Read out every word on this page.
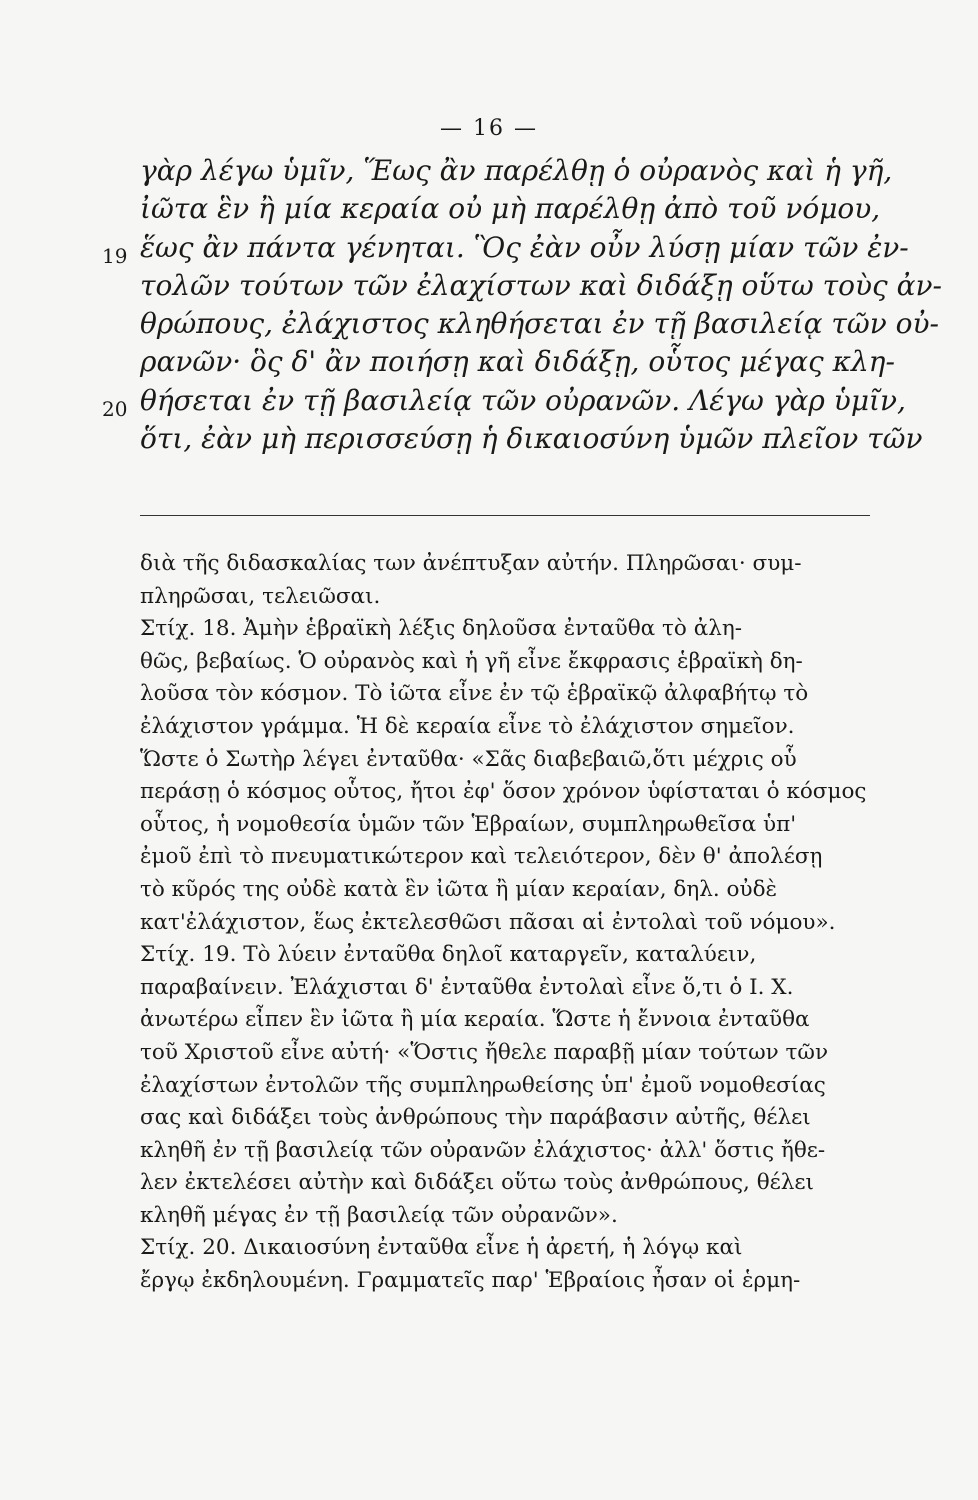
— 16 —
γὰρ λέγω ὑμῖν, Ἕως ἂν παρέλθῃ ὁ οὐρανὸς καὶ ἡ γῆ,
ἰῶτα ἓν ἢ μία κεραία οὐ μὴ παρέλθῃ ἀπὸ τοῦ νόμου,
19 ἕως ἂν πάντα γένηται. Ὃς ἐὰν οὖν λύσῃ μίαν τῶν ἐν-
τολῶν τούτων τῶν ἐλαχίστων καὶ διδάξῃ οὕτω τοὺς ἀν-
θρώπους, ἐλάχιστος κληθήσεται ἐν τῇ βασιλείᾳ τῶν οὐ-
ρανῶν· ὃς δ' ἂν ποιήσῃ καὶ διδάξῃ, οὗτος μέγας κλη-
20 θήσεται ἐν τῇ βασιλείᾳ τῶν οὐρανῶν. Λέγω γὰρ ὑμῖν,
ὅτι, ἐὰν μὴ περισσεύσῃ ἡ δικαιοσύνη ὑμῶν πλεῖον τῶν
διὰ τῆς διδασκαλίας των ἀνέπτυξαν αὐτήν. Πληρῶσαι· συμ-
πληρῶσαι, τελειῶσαι.
Στίχ. 18. Ἀμὴν ἑβραϊκὴ λέξις δηλοῦσα ἐνταῦθα τὸ ἀλη-
θῶς, βεβαίως. Ὁ οὐρανὸς καὶ ἡ γῆ εἶνε ἔκφρασις ἑβραϊκὴ δη-
λοῦσα τὸν κόσμον. Τὸ ἰῶτα εἶνε ἐν τῷ ἑβραϊκῷ ἀλφαβήτῳ τὸ
ἐλάχιστον γράμμα. Ἡ δὲ κεραία εἶνε τὸ ἐλάχιστον σημεῖον.
Ὥστε ὁ Σωτὴρ λέγει ἐνταῦθα· «Σᾶς διαβεβαιῶ,ὅτι μέχρις οὗ
περάσῃ ὁ κόσμος οὗτος, ἤτοι ἐφ' ὅσον χρόνον ὑφίσταται ὁ κόσμος
οὗτος, ἡ νομοθεσία ὑμῶν τῶν Ἑβραίων, συμπληρωθεῖσα ὑπ'
ἐμοῦ ἐπὶ τὸ πνευματικώτερον καὶ τελειότερον, δὲν θ' ἀπολέσῃ
τὸ κῦρός της οὐδὲ κατὰ ἓν ἰῶτα ἢ μίαν κεραίαν, δηλ. οὐδὲ
κατ'ἐλάχιστον, ἕως ἐκτελεσθῶσι πᾶσαι αἱ ἐντολαὶ τοῦ νόμου».
Στίχ. 19. Τὸ λύειν ἐνταῦθα δηλοῖ καταργεῖν, καταλύειν,
παραβαίνειν. Ἐλάχισται δ' ἐνταῦθα ἐντολαὶ εἶνε ὅ,τι ὁ Ι. Χ.
ἀνωτέρω εἶπεν ἓν ἰῶτα ἢ μία κεραία. Ὥστε ἡ ἔννοια ἐνταῦθα
τοῦ Χριστοῦ εἶνε αὐτή· «Ὅστις ἤθελε παραβῇ μίαν τούτων τῶν
ἐλαχίστων ἐντολῶν τῆς συμπληρωθείσης ὑπ' ἐμοῦ νομοθεσίας
σας καὶ διδάξει τοὺς ἀνθρώπους τὴν παράβασιν αὐτῆς, θέλει
κληθῆ ἐν τῇ βασιλείᾳ τῶν οὐρανῶν ἐλάχιστος· ἀλλ' ὅστις ἤθε-
λεν ἐκτελέσει αὐτὴν καὶ διδάξει οὕτω τοὺς ἀνθρώπους, θέλει
κληθῆ μέγας ἐν τῇ βασιλείᾳ τῶν οὐρανῶν».
Στίχ. 20. Δικαιοσύνη ἐνταῦθα εἶνε ἡ ἀρετή, ἡ λόγῳ καὶ
ἔργῳ ἐκδηλουμένη. Γραμματεῖς παρ' Ἑβραίοις ἦσαν οἱ ἑρμη-
